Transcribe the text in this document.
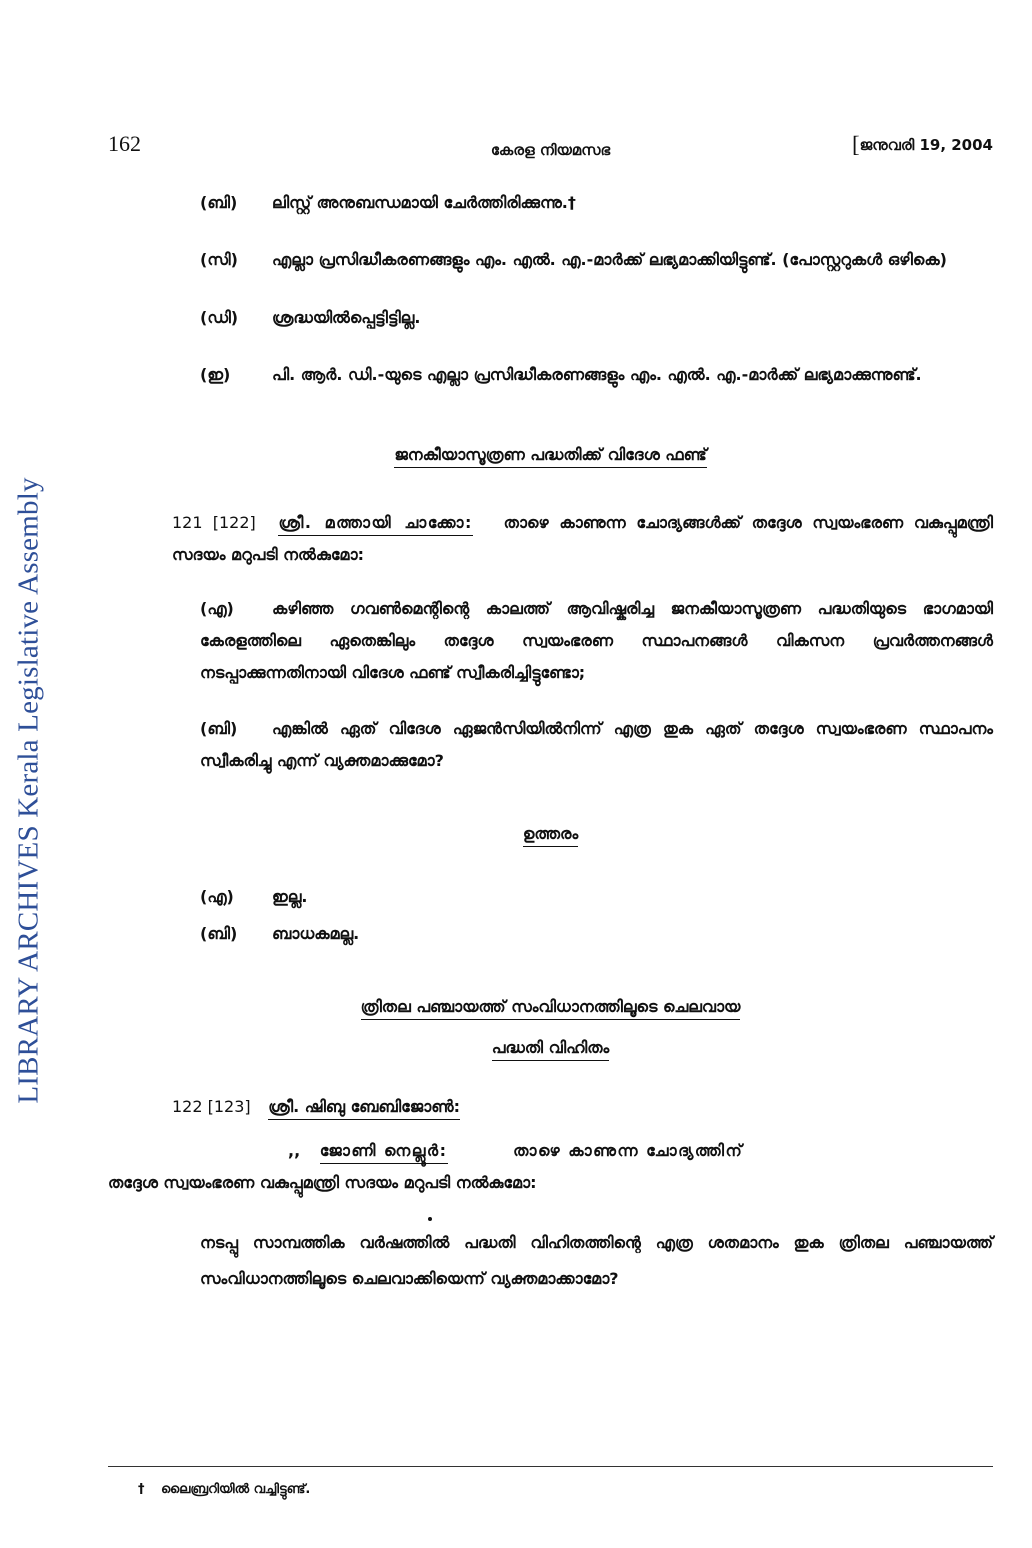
LIBRARY ARCHIVES Kerala Legislative Assembly
162	കേരള നിയമസഭ	[ജനുവരി 19, 2004

(ബി) ലിസ്റ്റ് അനുബന്ധമായി ചേർത്തിരിക്കുന്നു.†

(സി) എല്ലാ പ്രസിദ്ധീകരണങ്ങളും എം. എൽ. എ.-മാർക്ക് ലഭ്യമാക്കിയിട്ടുണ്ട്. (പോസ്റ്ററുകൾ ഒഴികെ)

(ഡി) ശ്രദ്ധയിൽപ്പെട്ടിട്ടില്ല.

(ഇ)	പി. ആർ. ഡി.-യുടെ എല്ലാ പ്രസിദ്ധീകരണങ്ങളും എം. എൽ. എ.-മാർക്ക് ലഭ്യമാക്കുന്നുണ്ട്.

ജനകീയാസൂത്രണ പദ്ധതിക്ക് വിദേശ ഫണ്ട്

121 [122] ശ്രീ. മത്തായി ചാക്കോ: താഴെ കാണുന്ന ചോദ്യങ്ങൾക്ക് തദ്ദേശ സ്വയംഭരണ വകുപ്പുമന്ത്രി സദയം മറുപടി നൽകുമോ:

(എ) കഴിഞ്ഞ ഗവൺമെന്റിന്റെ കാലത്ത് ആവിഷ്കരിച്ച ജനകീയാസൂത്രണ പദ്ധതിയുടെ ഭാഗമായി കേരളത്തിലെ ഏതെങ്കിലും തദ്ദേശ സ്വയംഭരണ സ്ഥാപനങ്ങൾ വികസന പ്രവർത്തനങ്ങൾ നടപ്പാക്കുന്നതിനായി വിദേശ ഫണ്ട് സ്വീകരിച്ചിട്ടുണ്ടോ;

(ബി) എങ്കിൽ ഏത് വിദേശ ഏജൻസിയിൽനിന്ന് എത്ര തുക ഏത് തദ്ദേശ സ്വയംഭരണ സ്ഥാപനം സ്വീകരിച്ചു എന്ന് വ്യക്തമാക്കുമോ?

ഉത്തരം

(എ) ഇല്ല.

(ബി) ബാധകമല്ല.

ത്രിതല പഞ്ചായത്ത് സംവിധാനത്തിലൂടെ ചെലവായ

പദ്ധതി വിഹിതം

122 [123] ശ്രീ. ഷിബു ബേബിജോൺ:

,, ജോണി നെല്ലൂർ:	താഴെ കാണുന്ന ചോദ്യത്തിന്
തദ്ദേശ സ്വയംഭരണ വകുപ്പുമന്ത്രി സദയം മറുപടി നൽകുമോ:

നടപ്പു സാമ്പത്തിക വർഷത്തിൽ പദ്ധതി വിഹിതത്തിന്റെ എത്ര ശതമാനം തുക ത്രിതല പഞ്ചായത്ത് സംവിധാനത്തിലൂടെ ചെലവാക്കിയെന്ന് വ്യക്തമാക്കാമോ?

† ലൈബ്രറിയിൽ വച്ചിട്ടുണ്ട്.
